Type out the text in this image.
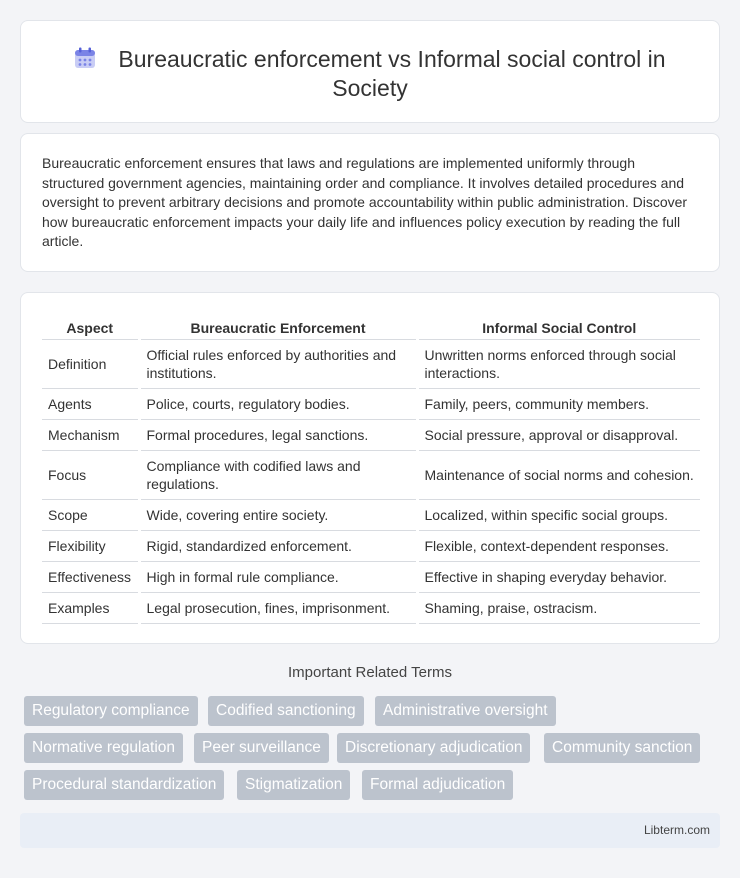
Bureaucratic enforcement vs Informal social control in Society

Bureaucratic enforcement ensures that laws and regulations are implemented uniformly through structured government agencies, maintaining order and compliance. It involves detailed procedures and oversight to prevent arbitrary decisions and promote accountability within public administration. Discover how bureaucratic enforcement impacts your daily life and influences policy execution by reading the full article.

Aspect	Bureaucratic Enforcement	Informal Social Control
Definition	Official rules enforced by authorities and institutions.	Unwritten norms enforced through social interactions.
Agents	Police, courts, regulatory bodies.	Family, peers, community members.
Mechanism	Formal procedures, legal sanctions.	Social pressure, approval or disapproval.
Focus	Compliance with codified laws and regulations.	Maintenance of social norms and cohesion.
Scope	Wide, covering entire society.	Localized, within specific social groups.
Flexibility	Rigid, standardized enforcement.	Flexible, context-dependent responses.
Effectiveness	High in formal rule compliance.	Effective in shaping everyday behavior.
Examples	Legal prosecution, fines, imprisonment.	Shaming, praise, ostracism.
Important Related Terms
Regulatory compliance	Codified sanctioning	Administrative oversight
Normative regulation	Peer surveillance	Discretionary adjudication	Community sanction
Procedural standardization	Stigmatization	Formal adjudication
Libterm.com
